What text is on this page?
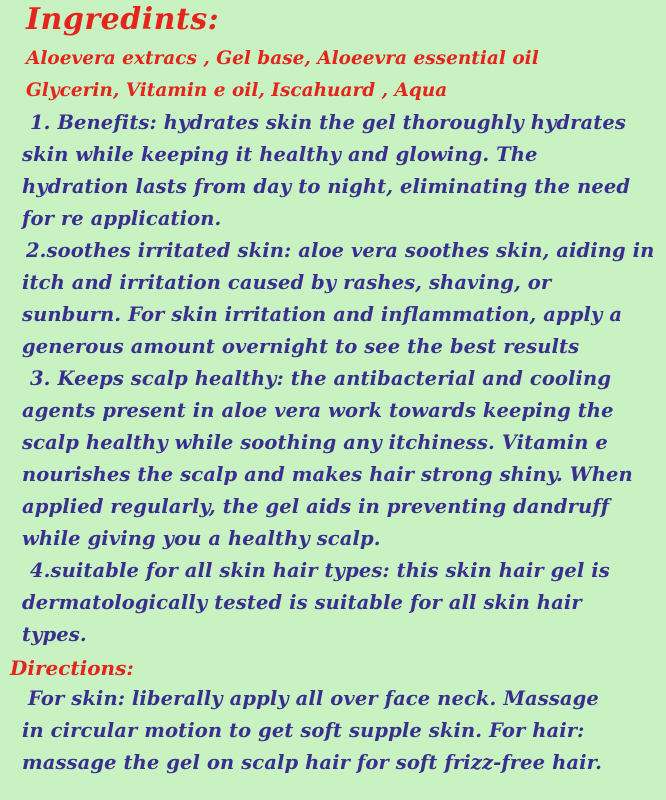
Ingredints:
Aloevera extracs , Gel base, Aloeevra essential oil
Glycerin, Vitamin e oil, Iscahuard , Aqua
1. Benefits: hydrates skin the gel thoroughly hydrates
skin while keeping it healthy and glowing. The
hydration lasts from day to night, eliminating the need
for re application.
2.soothes irritated skin: aloe vera soothes skin, aiding in
itch and irritation caused by rashes, shaving, or
sunburn. For skin irritation and inflammation, apply a
generous amount overnight to see the best results
3. Keeps scalp healthy: the antibacterial and cooling
agents present in aloe vera work towards keeping the
scalp healthy while soothing any itchiness. Vitamin e
nourishes the scalp and makes hair strong shiny. When
applied regularly, the gel aids in preventing dandruff
while giving you a healthy scalp.
4.suitable for all skin hair types: this skin hair gel is
dermatologically tested is suitable for all skin hair
types.
Directions:
For skin: liberally apply all over face neck. Massage
in circular motion to get soft supple skin. For hair:
massage the gel on scalp hair for soft frizz-free hair.
